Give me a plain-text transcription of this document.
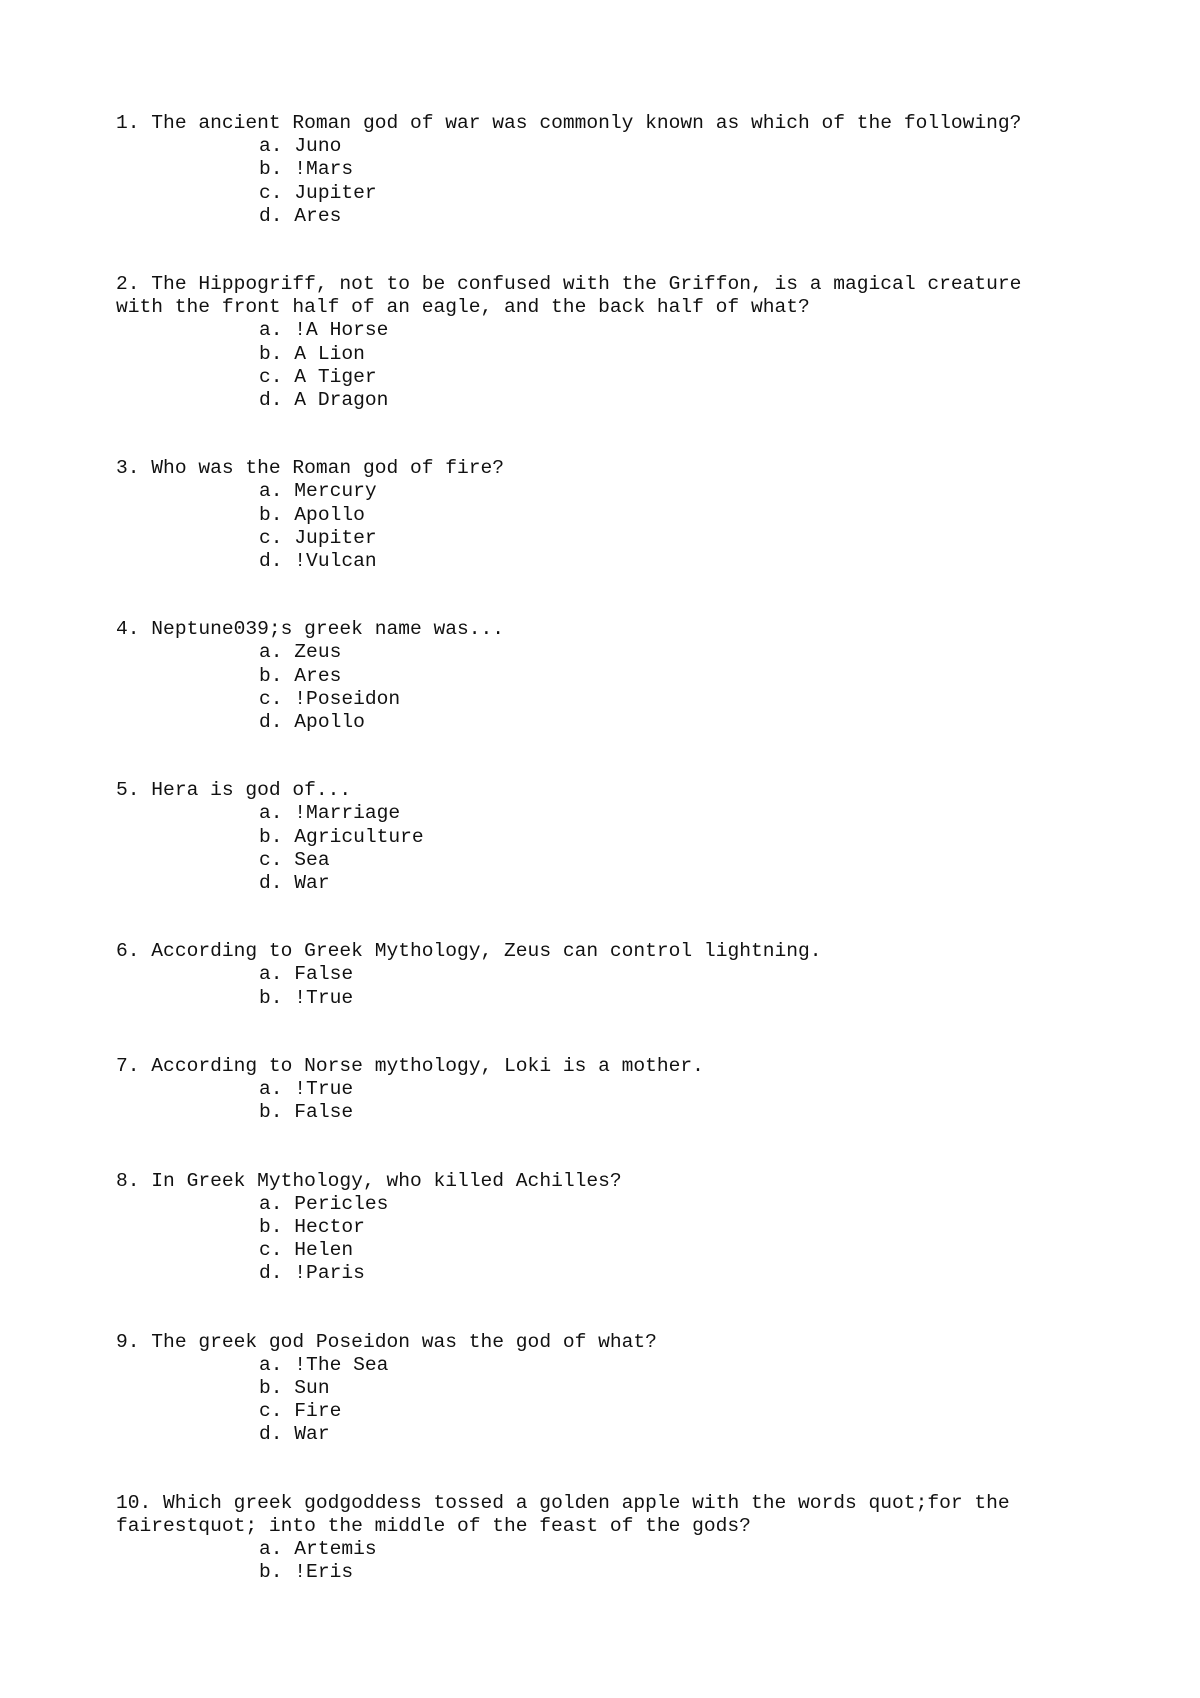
1. The ancient Roman god of war was commonly known as which of the following?

a. Juno
b. !Mars
c. Jupiter
d. Ares

2. The Hippogriff, not to be confused with the Griffon, is a magical creature
with the front half of an eagle, and the back half of what?

a. !A Horse
b. A Lion
c. A Tiger
d. A Dragon

3. Who was the Roman god of fire?

a. Mercury
b. Apollo
c. Jupiter
d. !Vulcan

4. Neptune039;s greek name was...

a. Zeus
b. Ares
c. !Poseidon
d. Apollo

5. Hera is god of...

a. !Marriage
b. Agriculture
c. Sea
d. War

6. According to Greek Mythology, Zeus can control lightning.

a. False
b. !True

7. According to Norse mythology, Loki is a mother.

a. !True
b. False

8. In Greek Mythology, who killed Achilles?

a. Pericles
b. Hector
c. Helen
d. !Paris

9. The greek god Poseidon was the god of what?

a. !The Sea
b. Sun
c. Fire
d. War

10. Which greek godgoddess tossed a golden apple with the words quot;for the
fairestquot; into the middle of the feast of the gods?

a. Artemis
b. !Eris
